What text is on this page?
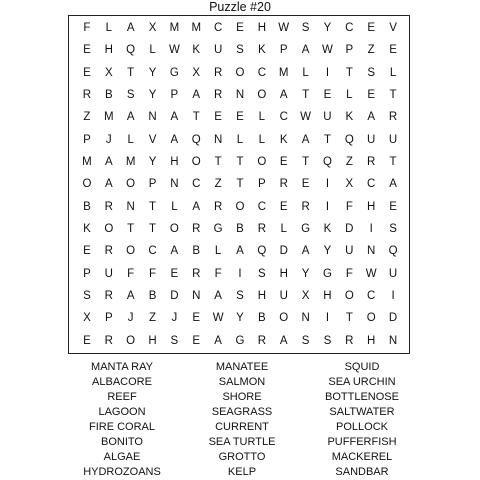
Puzzle #20
F	L	A	X	M	M	C	E	H	W	S	Y	C	E	V
E	H	Q	L	W	K	U	S	K	P	A	W	P	Z	E
E	X	T	Y	G	X	R	O	C	M	L	I	T	S	L
R	B	S	Y	P	A	R	N	O	A	T	E	L	E	T
Z	M	A	N	A	T	E	E	L	C	W	U	K	A	R
P	J	L	V	A	Q	N	L	L	K	A	T	Q	U	U
M	A	M	Y	H	O	T	T	O	E	T	Q	Z	R	T
O	A	O	P	N	C	Z	T	P	R	E	I	X	C	A
B	R	N	T	L	A	R	O	C	E	R	I	F	H	E
K	O	T	T	O	R	G	B	R	L	G	K	D	I	S
E	R	O	C	A	B	L	A	Q	D	A	Y	U	N	Q
P	U	F	F	E	R	F	I	S	H	Y	G	F	W	U
S	R	A	B	D	N	A	S	H	U	X	H	O	C	I
X	P	J	Z	J	E	W	Y	B	O	N	I	T	O	D
E	R	O	H	S	E	A	G	R	A	S	S	R	H	N
MANTA RAY	MANATEE	SQUID
ALBACORE	SALMON	SEA URCHIN
REEF	SHORE	BOTTLENOSE
LAGOON	SEAGRASS	SALTWATER
FIRE CORAL	CURRENT	POLLOCK
BONITO	SEA TURTLE	PUFFERFISH
ALGAE	GROTTO	MACKEREL
HYDROZOANS	KELP	SANDBAR
